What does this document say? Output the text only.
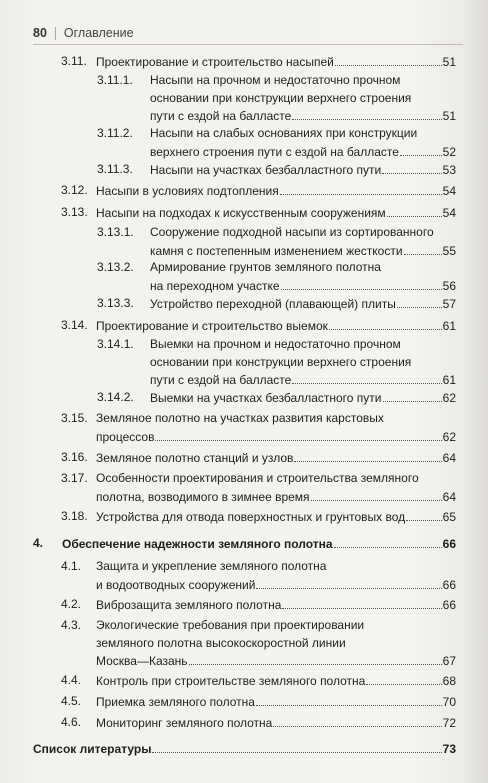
80 Оглавление
3.11. Проектирование и строительство насыпей	51
3.11.1. Насыпи на прочном и недостаточно прочном
основании при конструкции верхнего строения
пути с ездой на балласте	51
3.11.2. Насыпи на слабых основаниях при конструкции
верхнего строения пути с ездой на балласте	52
3.11.3. Насыпи на участках безбалластного пути	53
3.12. Насыпи в условиях подтопления	54
3.13. Насыпи на подходах к искусственным сооружениям	54
3.13.1. Сооружение подходной насыпи из сортированного
камня с постепенным изменением жесткости	55
3.13.2. Армирование грунтов земляного полотна
на переходном участке	56
3.13.3. Устройство переходной (плавающей) плиты	57
3.14. Проектирование и строительство выемок	61
3.14.1. Выемки на прочном и недостаточно прочном
основании при конструкции верхнего строения
пути с ездой на балласте	61
3.14.2. Выемки на участках безбалластного пути	62
3.15. Земляное полотно на участках развития карстовых
процессов	62
3.16. Земляное полотно станций и узлов	64
3.17. Особенности проектирования и строительства земляного
полотна, возводимого в зимнее время	64
3.18. Устройства для отвода поверхностных и грунтовых вод	65
4. Обеспечение надежности земляного полотна	66
4.1. Защита и укрепление земляного полотна
и водоотводных сооружений	66
4.2. Виброзащита земляного полотна	66
4.3. Экологические требования при проектировании
земляного полотна высокоскоростной линии
Москва—Казань	67
4.4. Контроль при строительстве земляного полотна	68
4.5. Приемка земляного полотна	70
4.6. Мониторинг земляного полотна	72
Список литературы	73
